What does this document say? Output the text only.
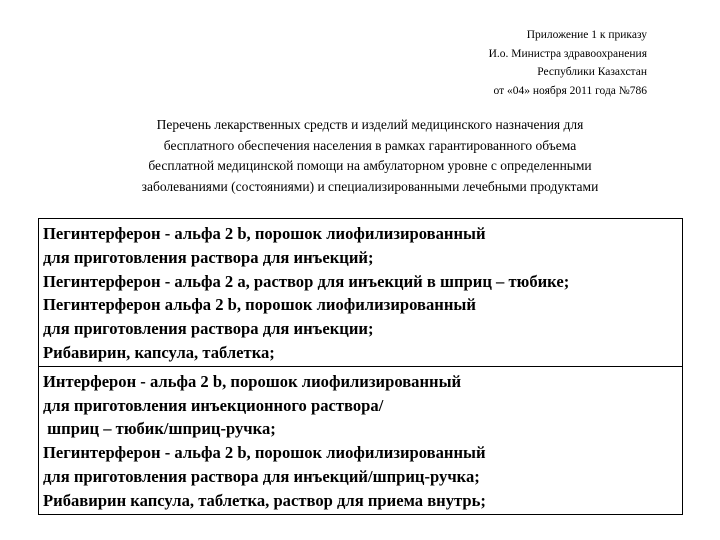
Приложение 1 к приказу
И.о. Министра здравоохранения
Республики Казахстан
от «04» ноября 2011 года №786
Перечень лекарственных средств и изделий медицинского назначения для
бесплатного обеспечения населения в рамках гарантированного объема
бесплатной медицинской помощи на амбулаторном уровне с определенными
заболеваниями (состояниями) и специализированными лечебными продуктами
Пегинтерферон - альфа 2 b, порошок лиофилизированный
для приготовления раствора для инъекций;
Пегинтерферон - альфа 2 а, раствор для инъекций в шприц – тюбике;
Пегинтерферон альфа 2 b, порошок лиофилизированный
для приготовления раствора для инъекции;
Рибавирин, капсула, таблетка;
Интерферон - альфа 2 b, порошок лиофилизированный
для приготовления инъекционного раствора/
шприц – тюбик/шприц-ручка;
Пегинтерферон - альфа 2 b, порошок лиофилизированный
для приготовления раствора для инъекций/шприц-ручка;
Рибавирин капсула, таблетка, раствор для приема внутрь;
